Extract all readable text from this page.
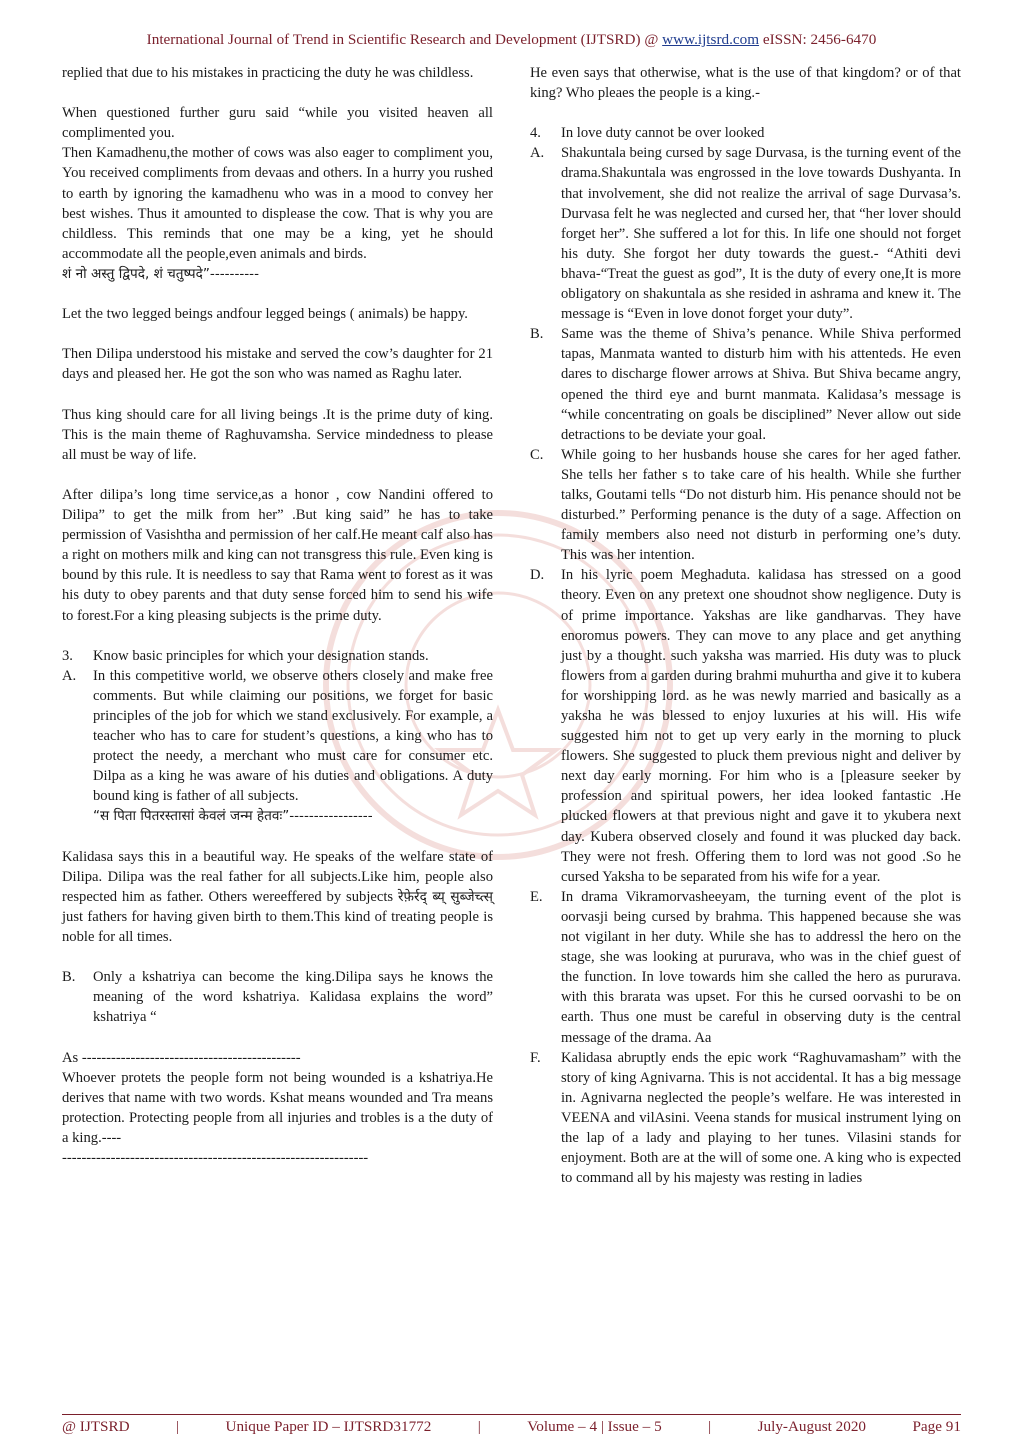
International Journal of Trend in Scientific Research and Development (IJTSRD) @ www.ijtsrd.com eISSN: 2456-6470

replied that due to his mistakes in practicing the duty he was childless.

When questioned further guru said “while you visited heaven all complimented you.

Then Kamadhenu,the mother of cows was also eager to compliment you, You received compliments from devaas and others. In a hurry you rushed to earth by ignoring the kamadhenu who was in a mood to convey her best wishes. Thus it amounted to displease the cow. That is why you are childless. This reminds that one may be a king, yet he should accommodate all the people,even animals and birds.

शं नो अस्तु द्विपदे, शं चतुष्पदे”----------

Let the two legged beings andfour legged beings ( animals) be happy.

Then Dilipa understood his mistake and served the cow’s daughter for 21 days and pleased her. He got the son who was named as Raghu later.

Thus king should care for all living beings .It is the prime duty of king. This is the main theme of Raghuvamsha. Service mindedness to please all must be way of life.

After dilipa’s long time service,as a honor , cow Nandini offered to Dilipa” to get the milk from her” .But king said” he has to take permission of Vasishtha and permission of her calf.He meant calf also has a right on mothers milk and king can not transgress this rule. Even king is bound by this rule. It is needless to say that Rama went to forest as it was his duty to obey parents and that duty sense forced him to send his wife to forest.For a king pleasing subjects is the prime duty.

3.	Know basic principles for which your designation stands.
A.	In this competitive world, we observe others closely and make free comments. But while claiming our positions, we forget for basic principles of the job for which we stand exclusively. For example, a teacher who has to care for student’s questions, a king who has to protect the needy, a merchant who must care for consumer etc. Dilpa as a king he was aware of his duties and obligations. A duty bound king is father of all subjects.
“स पिता पितरस्तासां केवलं जन्म हेतवः”-----------------

Kalidasa says this in a beautiful way. He speaks of the welfare state of Dilipa. Dilipa was the real father for all subjects.Like him, people also respected him as father. Others wereeffered by subjects रेफ़ेर्रद् ब्य् सुब्जेच्त्स् just fathers for having given birth to them.This kind of treating people is noble for all times.

B.	Only a kshatriya can become the king.Dilipa says he knows the meaning of the word kshatriya. Kalidasa explains the word” kshatriya “

As ---------------------------------------------

Whoever protets the people form not being wounded is a kshatriya.He derives that name with two words. Kshat means wounded and Tra means protection. Protecting people from all injuries and trobles is a the duty of a king.----

---------------------------------------------------------------

He even says that otherwise, what is the use of that kingdom? or of that king? Who pleaes the people is a king.-

4.	In love duty cannot be over looked
A.	Shakuntala being cursed by sage Durvasa, is the turning event of the drama.Shakuntala was engrossed in the love towards Dushyanta. In that involvement, she did not realize the arrival of sage Durvasa’s. Durvasa felt he was neglected and cursed her, that “her lover should forget her”. She suffered a lot for this. In life one should not forget his duty. She forgot her duty towards the guest.- “Athiti devi bhava-“Treat the guest as god”, It is the duty of every one,It is more obligatory on shakuntala as she resided in ashrama and knew it. The message is “Even in love donot forget your duty”.
B.	Same was the theme of Shiva’s penance. While Shiva performed tapas, Manmata wanted to disturb him with his attenteds. He even dares to discharge flower arrows at Shiva. But Shiva became angry, opened the third eye and burnt manmata. Kalidasa’s message is “while concentrating on goals be disciplined” Never allow out side detractions to be deviate your goal.
C.	While going to her husbands house she cares for her aged father. She tells her father s to take care of his health. While she further talks, Goutami tells “Do not disturb him. His penance should not be disturbed.” Performing penance is the duty of a sage. Affection on family members also need not disturb in performing one’s duty. This was her intention.
D.	In his lyric poem Meghaduta. kalidasa has stressed on a good theory. Even on any pretext one shoudnot show negligence. Duty is of prime importance. Yakshas are like gandharvas. They have enoromus powers. They can move to any place and get anything just by a thought. such yaksha was married. His duty was to pluck flowers from a garden during brahmi muhurtha and give it to kubera for worshipping lord. as he was newly married and basically as a yaksha he was blessed to enjoy luxuries at his will. His wife suggested him not to get up very early in the morning to pluck flowers. She suggested to pluck them previous night and deliver by next day early morning. For him who is a [pleasure seeker by profession and spiritual powers, her idea looked fantastic .He plucked flowers at that previous night and gave it to ykubera next day. Kubera observed closely and found it was plucked day back. They were not fresh. Offering them to lord was not good .So he cursed Yaksha to be separated from his wife for a year.
E.	In drama Vikramorvasheeyam, the turning event of the plot is oorvasji being cursed by brahma. This happened because she was not vigilant in her duty. While she has to addressl the hero on the stage, she was looking at pururava, who was in the chief guest of the function. In love towards him she called the hero as pururava. with this brarata was upset. For this he cursed oorvashi to be on earth. Thus one must be careful in observing duty is the central message of the drama. Aa
F.	Kalidasa abruptly ends the epic work “Raghuvamasham” with the story of king Agnivarna. This is not accidental. It has a big message in. Agnivarna neglected the people’s welfare. He was interested in VEENA and vilAsini. Veena stands for musical instrument lying on the lap of a lady and playing to her tunes. Vilasini stands for enjoyment. Both are at the will of some one. A king who is expected to command all by his majesty was resting in ladies
@ IJTSRD	|	Unique Paper ID – IJTSRD31772	|	Volume – 4 | Issue – 5	|	July-August 2020	Page 91
